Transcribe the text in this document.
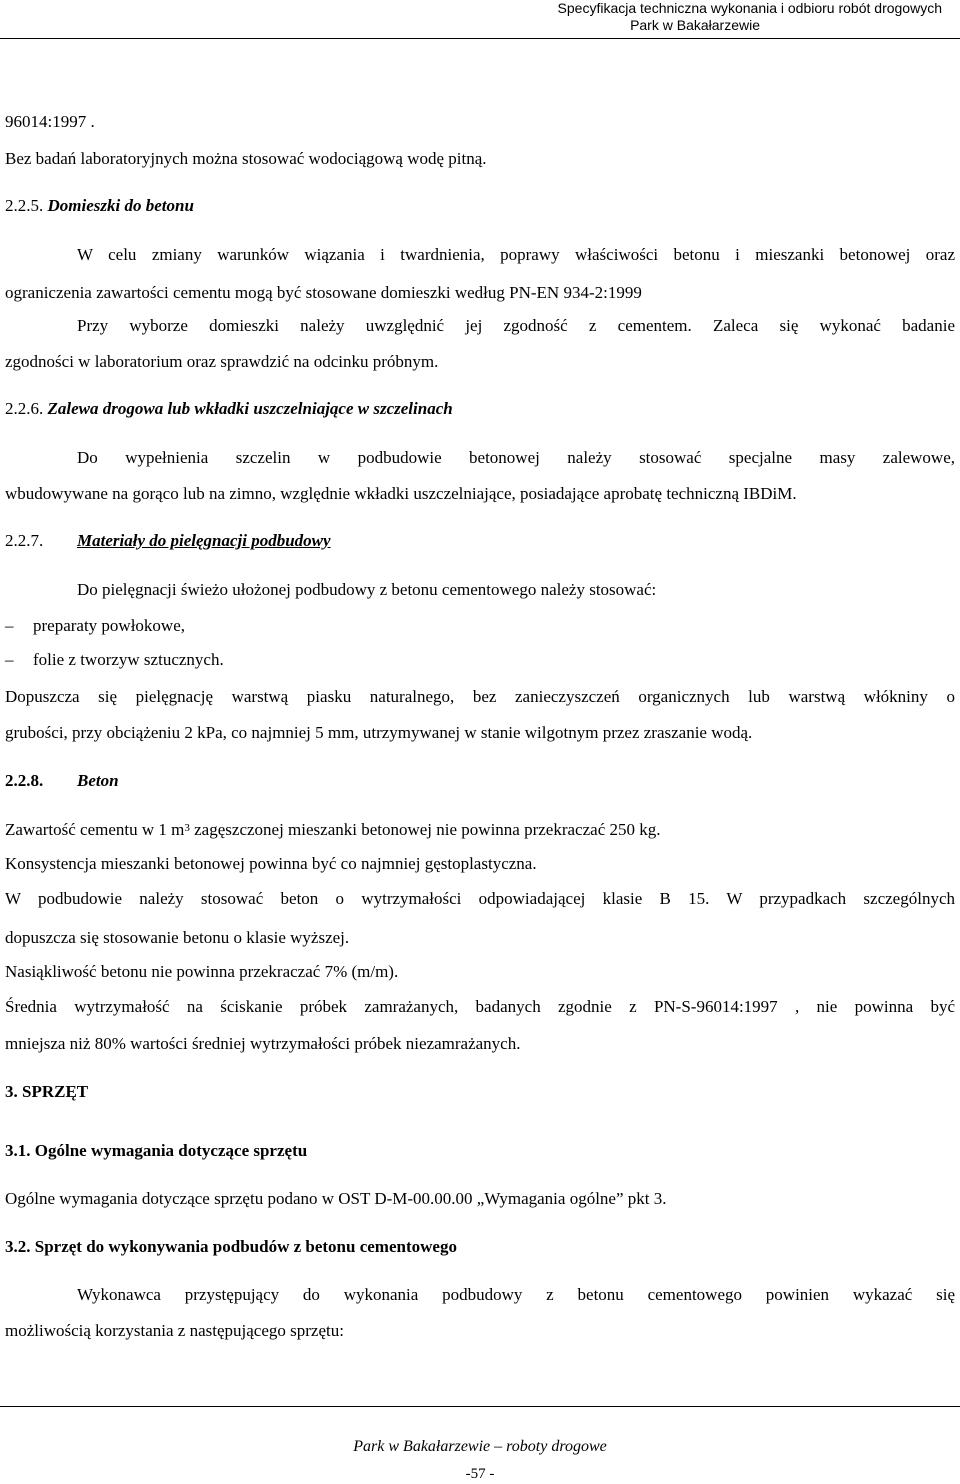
Specyfikacja techniczna wykonania i odbioru robót drogowych
Park w Bakałarzewie
96014:1997 .
Bez badań laboratoryjnych można stosować wodociągową wodę pitną.
2.2.5. Domieszki do betonu
W celu zmiany warunków wiązania i twardnienia, poprawy właściwości betonu i mieszanki betonowej oraz
ograniczenia zawartości cementu mogą być stosowane domieszki według PN-EN 934-2:1999
Przy wyborze domieszki należy uwzględnić jej zgodność z cementem. Zaleca się wykonać badanie
zgodności w laboratorium oraz sprawdzić na odcinku próbnym.
2.2.6. Zalewa drogowa lub wkładki uszczelniające w szczelinach
Do wypełnienia szczelin w podbudowie betonowej należy stosować specjalne masy zalewowe,
wbudowywane na gorąco lub na zimno, względnie wkładki uszczelniające, posiadające aprobatę techniczną IBDiM.
2.2.7. Materiały do pielęgnacji podbudowy
Do pielęgnacji świeżo ułożonej podbudowy z betonu cementowego należy stosować:
– preparaty powłokowe,
– folie z tworzyw sztucznych.
Dopuszcza się pielęgnację warstwą piasku naturalnego, bez zanieczyszczeń organicznych lub warstwą włókniny o
grubości, przy obciążeniu 2 kPa, co najmniej 5 mm, utrzymywanej w stanie wilgotnym przez zraszanie wodą.
2.2.8. Beton
Zawartość cementu w 1 $m^3$ zagęszczonej mieszanki betonowej nie powinna przekraczać 250 kg.
Konsystencja mieszanki betonowej powinna być co najmniej gęstoplastyczna.
W podbudowie należy stosować beton o wytrzymałości odpowiadającej klasie B 15. W przypadkach szczególnych
dopuszcza się stosowanie betonu o klasie wyższej.
Nasiąkliwość betonu nie powinna przekraczać 7% (m/m).
Średnia wytrzymałość na ściskanie próbek zamrażanych, badanych zgodnie z PN-S-96014:1997 , nie powinna być
mniejsza niż 80% wartości średniej wytrzymałości próbek niezamrażanych.
3. SPRZĘT
3.1. Ogólne wymagania dotyczące sprzętu
Ogólne wymagania dotyczące sprzętu podano w OST D-M-00.00.00 „Wymagania ogólne” pkt 3.
3.2. Sprzęt do wykonywania podbudów z betonu cementowego
Wykonawca przystępujący do wykonania podbudowy z betonu cementowego powinien wykazać się
możliwością korzystania z następującego sprzętu:
Park w Bakałarzewie – roboty drogowe
-57 -
